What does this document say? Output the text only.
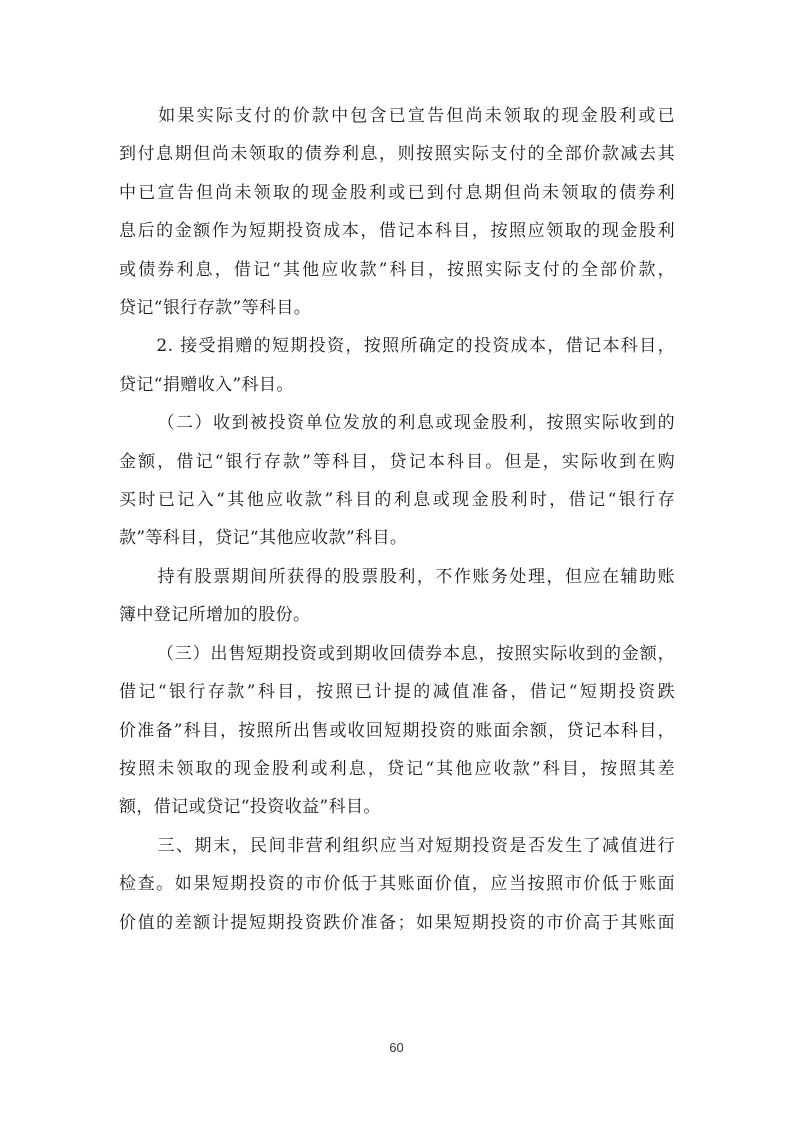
如果实际支付的价款中包含已宣告但尚未领取的现金股利或已
到付息期但尚未领取的债券利息，则按照实际支付的全部价款减去其
中已宣告但尚未领取的现金股利或已到付息期但尚未领取的债券利
息后的金额作为短期投资成本，借记本科目，按照应领取的现金股利
或债券利息，借记“其他应收款”科目，按照实际支付的全部价款，
贷记“银行存款”等科目。
2. 接受捐赠的短期投资，按照所确定的投资成本，借记本科目，
贷记“捐赠收入”科目。
（二）收到被投资单位发放的利息或现金股利，按照实际收到的
金额，借记“银行存款”等科目，贷记本科目。但是，实际收到在购
买时已记入“其他应收款”科目的利息或现金股利时，借记“银行存
款”等科目，贷记“其他应收款”科目。
持有股票期间所获得的股票股利，不作账务处理，但应在辅助账
簿中登记所增加的股份。
（三）出售短期投资或到期收回债券本息，按照实际收到的金额，
借记“银行存款”科目，按照已计提的减值准备，借记“短期投资跌
价准备”科目，按照所出售或收回短期投资的账面余额，贷记本科目，
按照未领取的现金股利或利息，贷记“其他应收款”科目，按照其差
额，借记或贷记“投资收益”科目。
三、期末，民间非营利组织应当对短期投资是否发生了减值进行
检查。如果短期投资的市价低于其账面价值，应当按照市价低于账面
价值的差额计提短期投资跌价准备；如果短期投资的市价高于其账面
60
